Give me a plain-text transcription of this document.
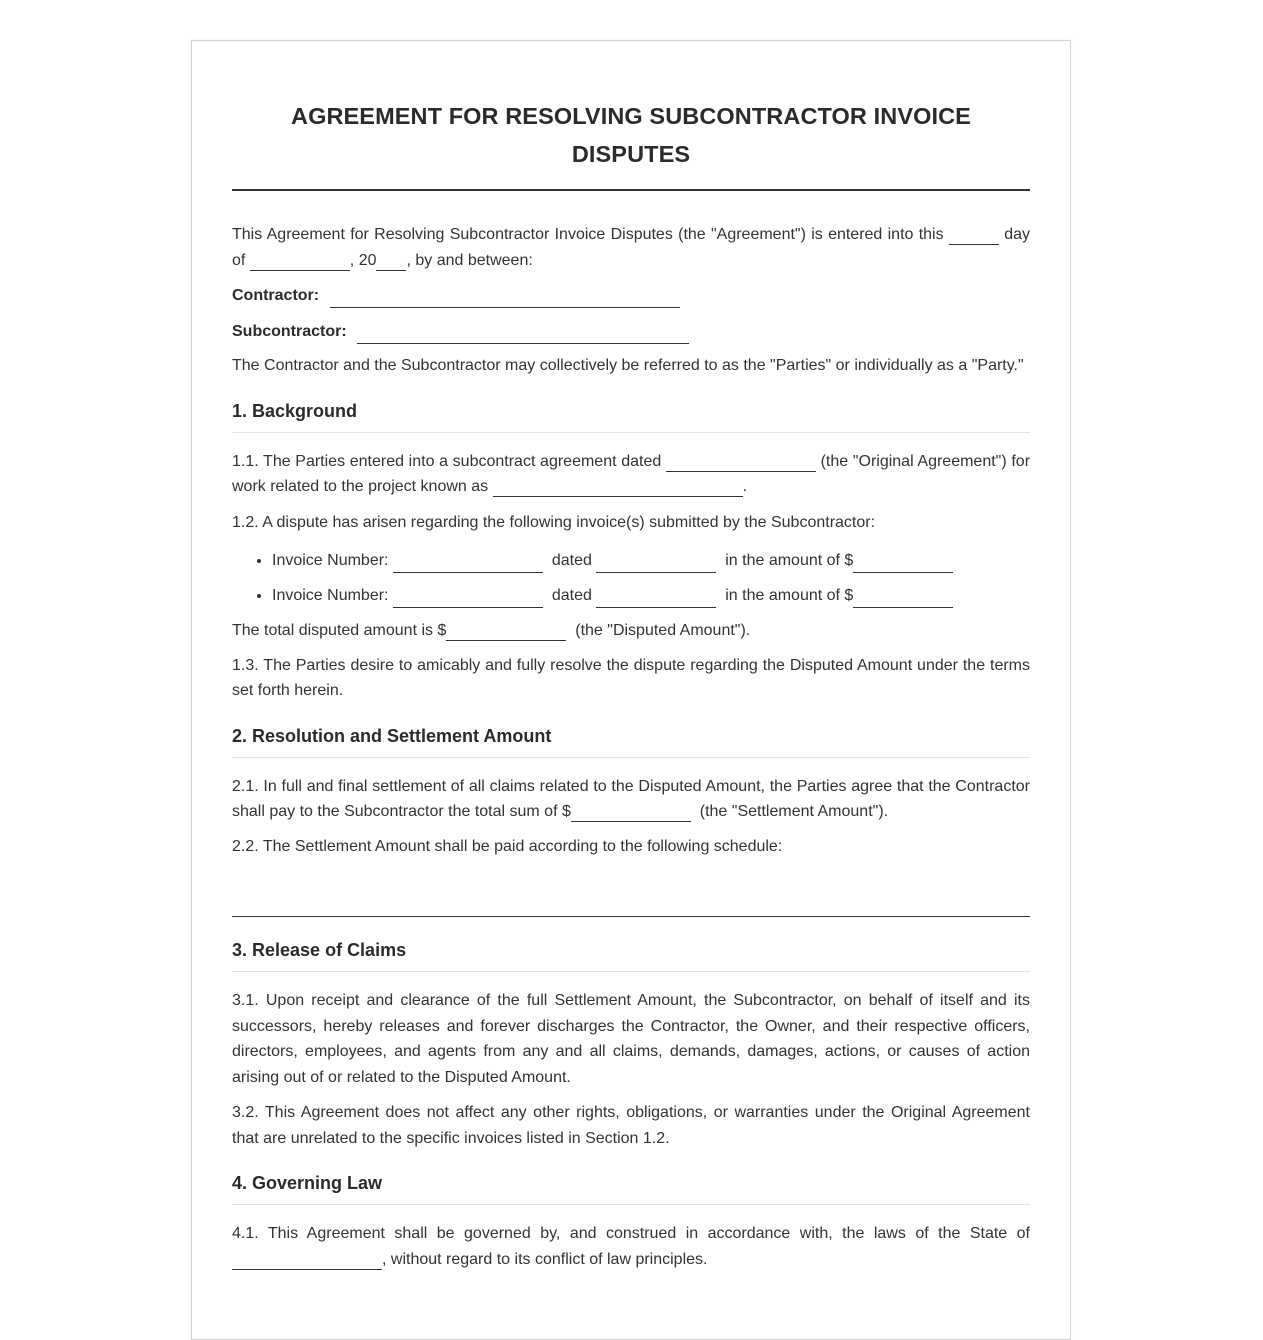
AGREEMENT FOR RESOLVING SUBCONTRACTOR INVOICE DISPUTES

This Agreement for Resolving Subcontractor Invoice Disputes (the "Agreement") is entered into this	day of	, 20 , by and between:

Contractor:
Subcontractor:

The Contractor and the Subcontractor may collectively be referred to as the "Parties" or individually as a "Party."

1. Background

1.1. The Parties entered into a subcontract agreement dated	(the "Original Agreement") for work related to the project known as	.

1.2. A dispute has arisen regarding the following invoice(s) submitted by the Subcontractor:

• Invoice Number:	dated	in the amount of $
• Invoice Number:	dated	in the amount of $

The total disputed amount is $	(the "Disputed Amount").

1.3. The Parties desire to amicably and fully resolve the dispute regarding the Disputed Amount under the terms set forth herein.

2. Resolution and Settlement Amount

2.1. In full and final settlement of all claims related to the Disputed Amount, the Parties agree that the Contractor shall pay to the Subcontractor the total sum of $	(the "Settlement Amount").

2.2. The Settlement Amount shall be paid according to the following schedule:

3. Release of Claims

3.1. Upon receipt and clearance of the full Settlement Amount, the Subcontractor, on behalf of itself and its successors, hereby releases and forever discharges the Contractor, the Owner, and their respective officers, directors, employees, and agents from any and all claims, demands, damages, actions, or causes of action arising out of or related to the Disputed Amount.

3.2. This Agreement does not affect any other rights, obligations, or warranties under the Original Agreement that are unrelated to the specific invoices listed in Section 1.2.

4. Governing Law

4.1. This Agreement shall be governed by, and construed in accordance with, the laws of the State of , without regard to its conflict of law principles.
